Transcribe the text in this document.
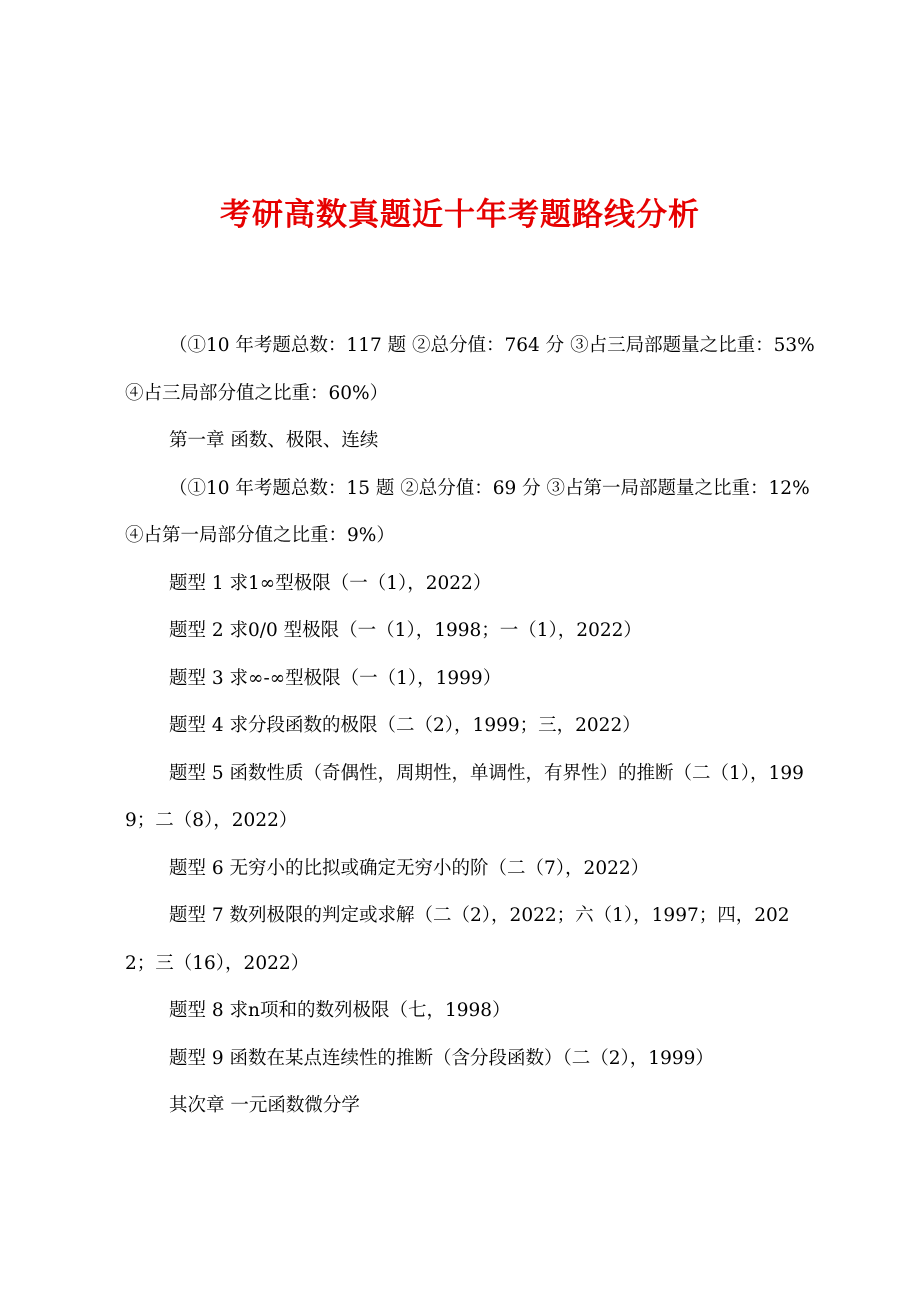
考研高数真题近十年考题路线分析

（①10 年考题总数：117 题 ②总分值：764 分 ③占三局部题量之比重：53%④占三局部分值之比重：60%）

第一章 函数、极限、连续

（①10 年考题总数：15 题 ②总分值：69 分 ③占第一局部题量之比重：12%④占第一局部分值之比重：9%）

题型 1 求1∞型极限（一（1），2022）

题型 2 求0/0 型极限（一（1），1998；一（1），2022）

题型 3 求∞-∞型极限（一（1），1999）

题型 4 求分段函数的极限（二（2），1999；三，2022）

题型 5 函数性质（奇偶性，周期性，单调性，有界性）的推断（二（1），1999；二（8），2022）

题型 6 无穷小的比拟或确定无穷小的阶（二（7），2022）

题型 7 数列极限的判定或求解（二（2），2022；六（1），1997；四，2022；三（16），2022）

题型 8 求n项和的数列极限（七，1998）

题型 9 函数在某点连续性的推断（含分段函数）（二（2），1999）

其次章 一元函数微分学
